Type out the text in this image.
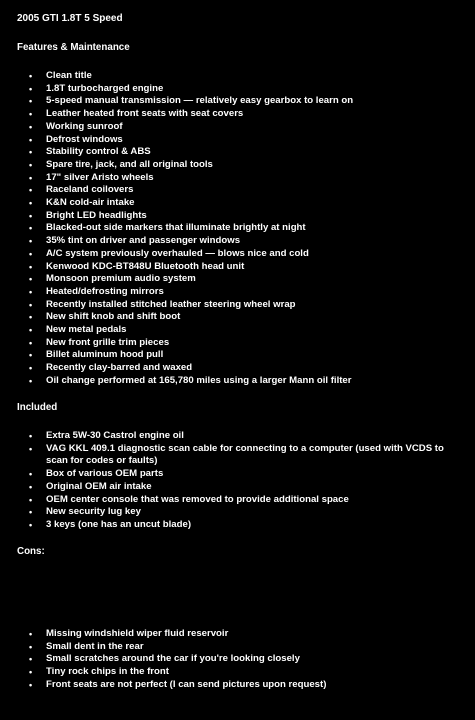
2005 GTI 1.8T 5 Speed
Features & Maintenance
• Clean title
• 1.8T turbocharged engine
• 5-speed manual transmission — relatively easy gearbox to learn on
• Leather heated front seats with seat covers
• Working sunroof
• Defrost windows
• Stability control & ABS
• Spare tire, jack, and all original tools
• 17" silver Aristo wheels
• Raceland coilovers
• K&N cold-air intake
• Bright LED headlights
• Blacked-out side markers that illuminate brightly at night
• 35% tint on driver and passenger windows
• A/C system previously overhauled — blows nice and cold
• Kenwood KDC-BT848U Bluetooth head unit
• Monsoon premium audio system
• Heated/defrosting mirrors
• Recently installed stitched leather steering wheel wrap
• New shift knob and shift boot
• New metal pedals
• New front grille trim pieces
• Billet aluminum hood pull
• Recently clay-barred and waxed
• Oil change performed at 165,780 miles using a larger Mann oil filter
Included
• Extra 5W-30 Castrol engine oil
• VAG KKL 409.1 diagnostic scan cable for connecting to a computer (used with VCDS to scan for codes or faults)
• Box of various OEM parts
• Original OEM air intake
• OEM center console that was removed to provide additional space
• New security lug key
• 3 keys (one has an uncut blade)
Cons:
• Missing windshield wiper fluid reservoir
• Small dent in the rear
• Small scratches around the car if you're looking closely
• Tiny rock chips in the front
• Front seats are not perfect (I can send pictures upon request)
